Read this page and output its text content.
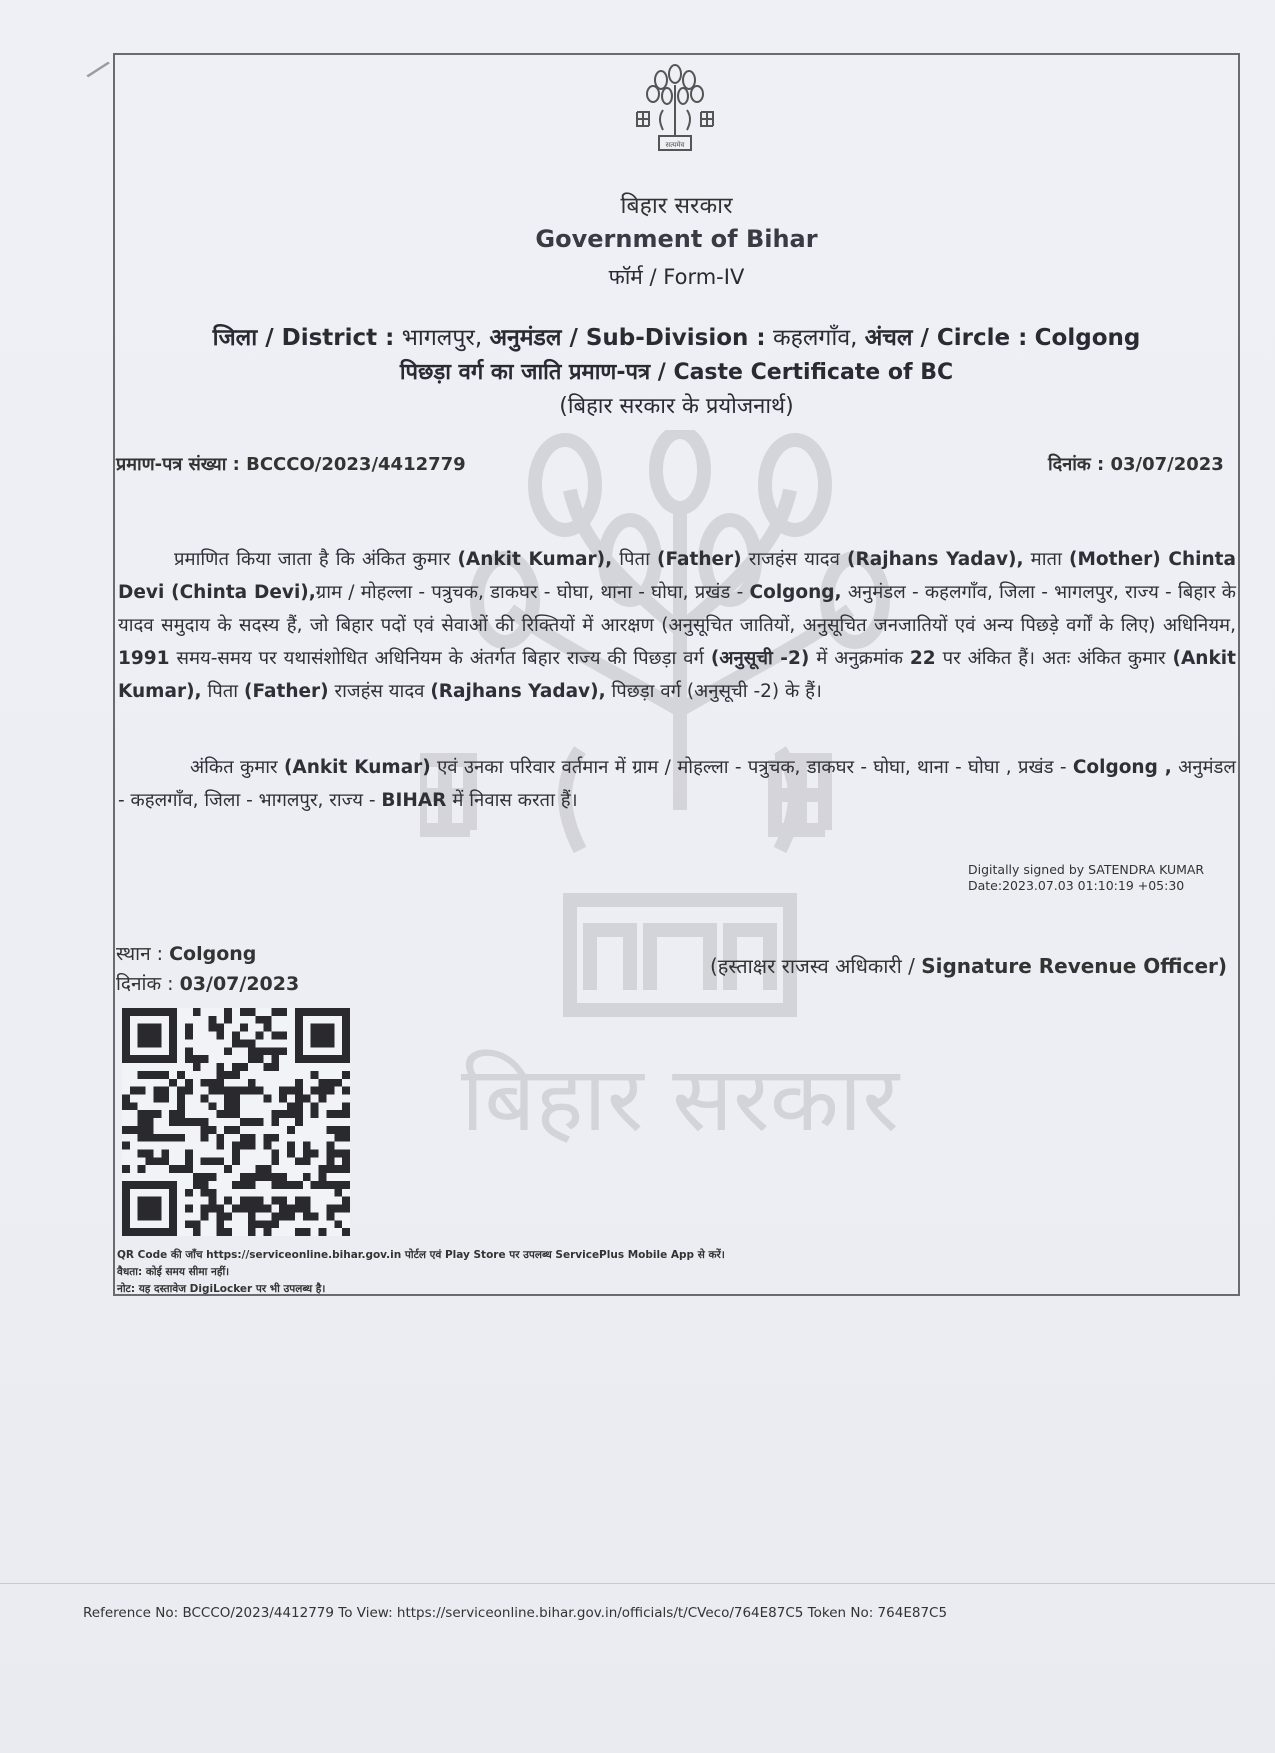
/
बिहार सरकार
सत्यमेव
बिहार सरकार
Government of Bihar
फॉर्म / Form-IV
जिला / District : भागलपुर, अनुमंडल / Sub-Division : कहलगाँव, अंचल / Circle : Colgong
पिछड़ा वर्ग का जाति प्रमाण-पत्र / Caste Certificate of BC
(बिहार सरकार के प्रयोजनार्थ)
प्रमाण-पत्र संख्या : BCCCO/2023/4412779	दिनांक : 03/07/2023
प्रमाणित किया जाता है कि अंकित कुमार (Ankit Kumar), पिता (Father) राजहंस यादव (Rajhans Yadav), माता (Mother) Chinta Devi (Chinta Devi),ग्राम / मोहल्ला - पत्रुचक, डाकघर - घोघा, थाना - घोघा, प्रखंड - Colgong, अनुमंडल - कहलगाँव, जिला - भागलपुर, राज्य - बिहार के यादव समुदाय के सदस्य हैं, जो बिहार पदों एवं सेवाओं की रिक्तियों में आरक्षण (अनुसूचित जातियों, अनुसूचित जनजातियों एवं अन्य पिछड़े वर्गों के लिए) अधिनियम, 1991 समय-समय पर यथासंशोधित अधिनियम के अंतर्गत बिहार राज्य की पिछड़ा वर्ग (अनुसूची -2) में अनुक्रमांक 22 पर अंकित हैं। अतः अंकित कुमार (Ankit Kumar), पिता (Father) राजहंस यादव (Rajhans Yadav), पिछड़ा वर्ग (अनुसूची -2) के हैं।
अंकित कुमार (Ankit Kumar) एवं उनका परिवार वर्तमान में ग्राम / मोहल्ला - पत्रुचक, डाकघर - घोघा, थाना - घोघा , प्रखंड - Colgong , अनुमंडल - कहलगाँव, जिला - भागलपुर, राज्य - BIHAR में निवास करता हैं।
Digitally signed by SATENDRA KUMAR
Date:2023.07.03 01:10:19 +05:30
(हस्ताक्षर राजस्व अधिकारी / Signature Revenue Officer)
स्थान : Colgong
दिनांक : 03/07/2023
QR Code की जाँच https://serviceonline.bihar.gov.in पोर्टल एवं Play Store पर उपलब्ध ServicePlus Mobile App से करें।
वैधता: कोई समय सीमा नहीं।
नोट: यह दस्तावेज DigiLocker पर भी उपलब्ध है।
Reference No: BCCCO/2023/4412779 To View: https://serviceonline.bihar.gov.in/officials/t/CVeco/764E87C5 Token No: 764E87C5
